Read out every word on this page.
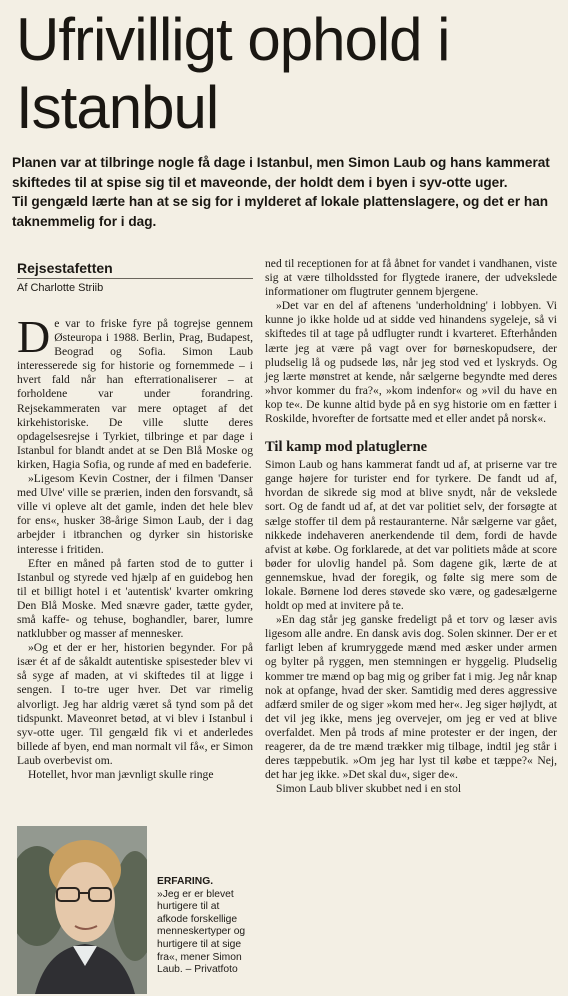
Ufrivilligt ophold i Istanbul

Planen var at tilbringe nogle få dage i Istanbul, men Simon Laub og hans kammerat skiftedes til at spise sig til et maveonde, der holdt dem i byen i syv-otte uger.

Til gengæld lærte han at se sig for i mylderet af lokale plattenslagere, og det er han taknemmelig for i dag.

Rejsestafetten
Af Charlotte Striib

De var to friske fyre på togrejse gennem Østeuropa i 1988. Berlin, Prag, Budapest, Beograd og Sofia. Simon Laub interesserede sig for historie og fornemmede – i hvert fald når han efterrationaliserer – at forholdene var under forandring. Rejsekammeraten var mere optaget af det kirkehistoriske. De ville slutte deres opdagelsesrejse i Tyrkiet, tilbringe et par dage i Istanbul for blandt andet at se Den Blå Moske og kirken, Hagia Sofia, og runde af med en badeferie.

»Ligesom Kevin Costner, der i filmen 'Danser med Ulve' ville se prærien, inden den forsvandt, så ville vi opleve alt det gamle, inden det hele blev for ens«, husker 38-årige Simon Laub, der i dag arbejder i itbranchen og dyrker sin historiske interesse i fritiden.

Efter en måned på farten stod de to gutter i Istanbul og styrede ved hjælp af en guidebog hen til et billigt hotel i et 'autentisk' kvarter omkring Den Blå Moske. Med snævre gader, tætte gyder, små kaffe- og tehuse, boghandler, barer, lumre natklubber og masser af mennesker.

»Og et der er her, historien begynder. For på især ét af de såkaldt autentiske spisesteder blev vi så syge af maden, at vi skiftedes til at ligge i sengen. I to-tre uger hver. Det var rimelig alvorligt. Jeg har aldrig været så tynd som på det tidspunkt. Maveonret betød, at vi blev i Istanbul i syv-otte uger. Til gengæld fik vi et anderledes billede af byen, end man normalt vil få«, er Simon Laub overbevist om.

Hotellet, hvor man jævnligt skulle ringe

ERFARING.
»Jeg er er blevet hurtigere til at afkode forskellige menneskertyper og hurtigere til at sige fra«, mener Simon Laub. – Privatfoto

ned til receptionen for at få åbnet for vandet i vandhanen, viste sig at være tilholdssted for flygtede iranere, der udvekslede informationer om flugtruter gennem bjergene.

»Det var en del af aftenens 'underholdning' i lobbyen. Vi kunne jo ikke holde ud at sidde ved hinandens sygeleje, så vi skiftedes til at tage på udflugter rundt i kvarteret. Efterhånden lærte jeg at være på vagt over for børneskopudsere, der pludselig lå og pudsede løs, når jeg stod ved et lyskryds. Og jeg lærte mønstret at kende, når sælgerne begyndte med deres »hvor kommer du fra?«, »kom indenfor« og »vil du have en kop te«. De kunne altid byde på en syg historie om en fætter i Roskilde, hvorefter de fortsatte med et eller andet på norsk«.

Til kamp mod platuglerne

Simon Laub og hans kammerat fandt ud af, at priserne var tre gange højere for turister end for tyrkere. De fandt ud af, hvordan de sikrede sig mod at blive snydt, når de vekslede sort. Og de fandt ud af, at det var politiet selv, der forsøgte at sælge stoffer til dem på restauranterne. Når sælgerne var gået, nikkede indehaveren anerkendende til dem, fordi de havde afvist at købe. Og forklarede, at det var politiets måde at score bøder for ulovlig handel på. Som dagene gik, lærte de at gennemskue, hvad der foregik, og følte sig mere som de lokale. Børnene lod deres støvede sko være, og gadesælgerne holdt op med at invitere på te.

»En dag står jeg ganske fredeligt på et torv og læser avis ligesom alle andre. En dansk avis dog. Solen skinner. Der er et farligt leben af krumryggede mænd med æsker under armen og bylter på ryggen, men stemningen er hyggelig. Pludselig kommer tre mænd op bag mig og griber fat i mig. Jeg når knap nok at opfange, hvad der sker. Samtidig med deres aggressive adfærd smiler de og siger »kom med her«. Jeg siger højlydt, at det vil jeg ikke, mens jeg overvejer, om jeg er ved at blive overfaldet. Men på trods af mine protester er der ingen, der reagerer, da de tre mænd trækker mig tilbage, indtil jeg står i deres tæppebutik. »Om jeg har lyst til købe et tæppe?« Nej, det har jeg ikke. »Det skal du«, siger de«.

Simon Laub bliver skubbet ned i en stol
